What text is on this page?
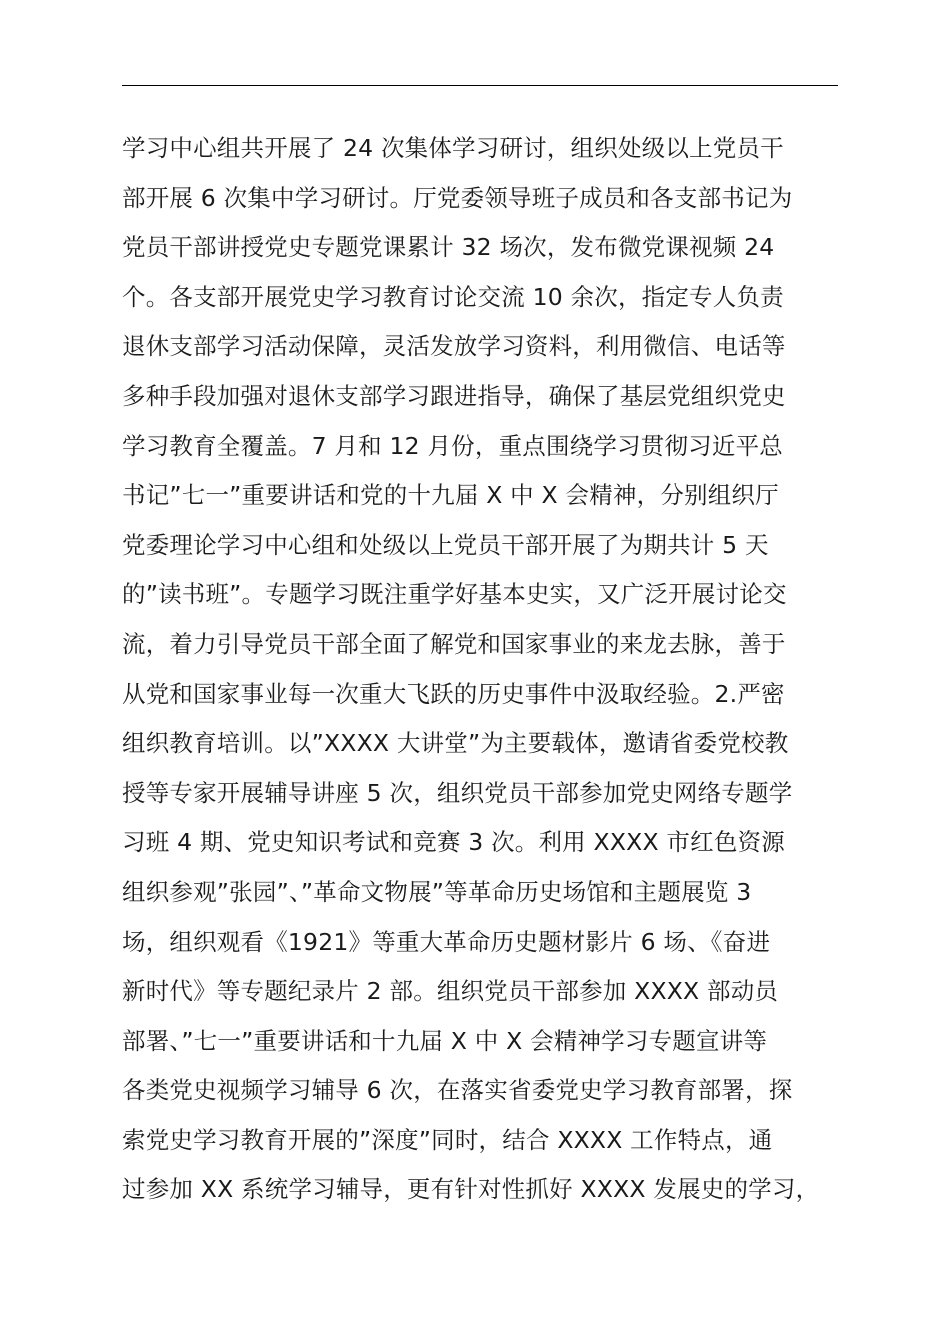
学习中心组共开展了 24 次集体学习研讨，组织处级以上党员干
部开展 6 次集中学习研讨。厅党委领导班子成员和各支部书记为
党员干部讲授党史专题党课累计 32 场次，发布微党课视频 24
个。各支部开展党史学习教育讨论交流 10 余次，指定专人负责
退休支部学习活动保障，灵活发放学习资料，利用微信、电话等
多种手段加强对退休支部学习跟进指导，确保了基层党组织党史
学习教育全覆盖。7 月和 12 月份，重点围绕学习贯彻习近平总
书记”七一”重要讲话和党的十九届 X 中 X 会精神，分别组织厅
党委理论学习中心组和处级以上党员干部开展了为期共计 5 天
的”读书班”。专题学习既注重学好基本史实，又广泛开展讨论交
流，着力引导党员干部全面了解党和国家事业的来龙去脉，善于
从党和国家事业每一次重大飞跃的历史事件中汲取经验。2.严密
组织教育培训。以”XXXX 大讲堂”为主要载体，邀请省委党校教
授等专家开展辅导讲座 5 次，组织党员干部参加党史网络专题学
习班 4 期、党史知识考试和竞赛 3 次。利用 XXXX 市红色资源
组织参观”张园”、”革命文物展”等革命历史场馆和主题展览 3
场，组织观看《1921》等重大革命历史题材影片 6 场、《奋进
新时代》等专题纪录片 2 部。组织党员干部参加 XXXX 部动员
部署、”七一”重要讲话和十九届 X 中 X 会精神学习专题宣讲等
各类党史视频学习辅导 6 次，在落实省委党史学习教育部署，探
索党史学习教育开展的”深度”同时，结合 XXXX 工作特点，通
过参加 XX 系统学习辅导，更有针对性抓好 XXXX 发展史的学习，
